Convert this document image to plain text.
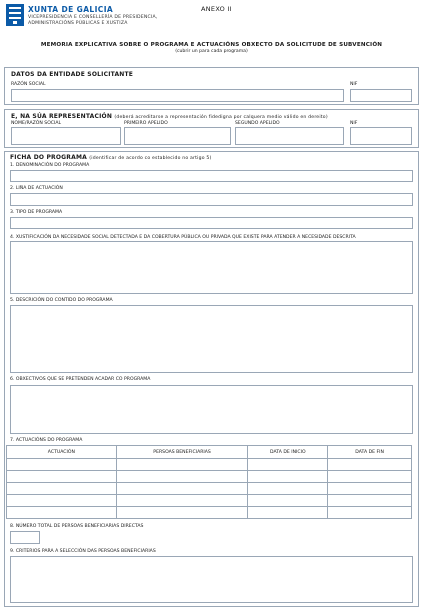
XUNTA DE GALICIA
VICEPRESIDENCIA E CONSELLERÍA DE PRESIDENCIA,
ADMINISTRACIÓNS PÚBLICAS E XUSTIZA
ANEXO II
MEMORIA EXPLICATIVA SOBRE O PROGRAMA E ACTUACIÓNS OBXECTO DA SOLICITUDE DE SUBVENCIÓN
(cubrir un para cada programa)
DATOS DA ENTIDADE SOLICITANTE
RAZÓN SOCIAL	NIF
E, NA SÚA REPRESENTACIÓN (deberá acreditarse a representación fidedigna por calquera medio válido en dereito)
NOME/RAZÓN SOCIAL	PRIMEIRO APELIDO	SEGUNDO APELIDO	NIF
FICHA DO PROGRAMA (identificar de acordo co establecido no artigo 5)
1. DENOMINACIÓN DO PROGRAMA
2. LIÑA DE ACTUACIÓN
3. TIPO DE PROGRAMA
4. XUSTIFICACIÓN DA NECESIDADE SOCIAL DETECTADA E DA COBERTURA PÚBLICA OU PRIVADA QUE EXISTE PARA ATENDER A NECESIDADE DESCRITA
5. DESCRICIÓN DO CONTIDO DO PROGRAMA
6. OBXECTIVOS QUE SE PRETENDEN ACADAR CO PROGRAMA
7. ACTUACIÓNS DO PROGRAMA
ACTUACIÓN	PERSOAS BENEFICIARIAS	DATA DE INICIO	DATA DE FIN

8. NÚMERO TOTAL DE PERSOAS BENEFICIARIAS DIRECTAS
9. CRITERIOS PARA A SELECCIÓN DAS PERSOAS BENEFICIARIAS
